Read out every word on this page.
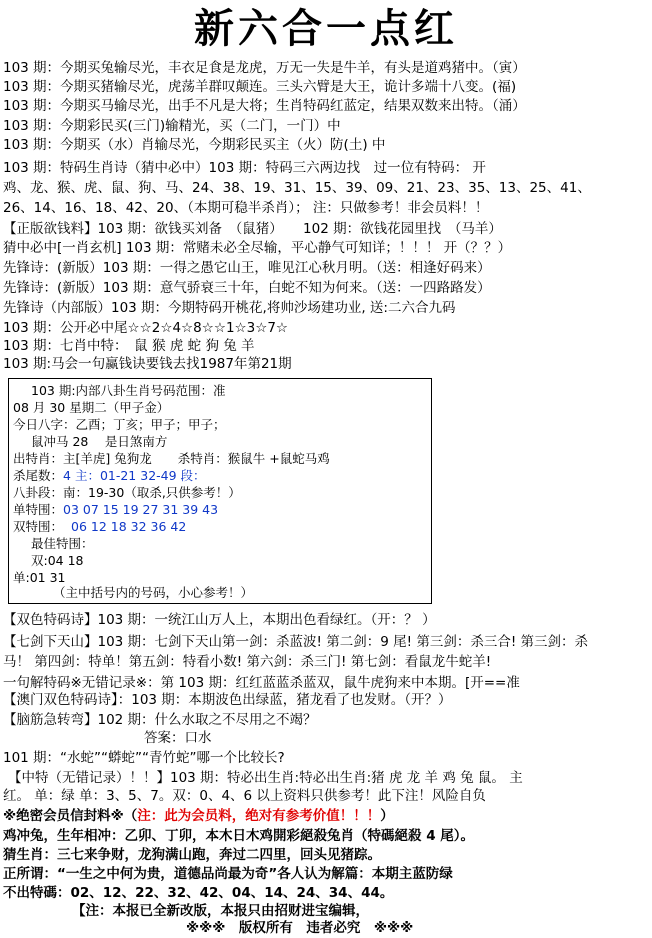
新六合一点红
103 期：今期买兔输尽光，丰衣足食是龙虎，万无一失是牛羊，有头是道鸡猪中。（寅）
103 期：今期买猪输尽光，虎荡羊群叹颠连。三头六臂是大王，诡计多端十八变。(福)
103 期：今期买马输尽光，出手不凡是大将；生肖特码红蓝定，结果双数来出特。（涌）
103 期：今期彩民买(三门)输精光，买（二门，一门）中
103 期：今期买（水）肖输尽光，今期彩民买主（火）防(土) 中
103 期：特码生肖诗（猜中必中）103 期：特码三六两边找　过一位有特码： 开
鸡、龙、猴、虎、鼠、狗、马、24、38、19、31、15、39、09、21、23、35、13、25、41、
26、14、16、18、42、20、（本期可稳半杀肖）； 注：只做参考！非会员料！！
【正版欲钱料】103 期：欲钱买刘备　（鼠猪）　　102 期：欲钱花园里找　（马羊）
猜中必中[一肖玄机] 103 期：常赌未必全尽输，平心静气可知详；！！！ 开（？？）
先锋诗：(新版）103 期：一得之愚它山王，唯见江心秋月明。（送：相逢好码来）
先锋诗：(新版）103 期：意气骄衰三十年，白蛇不知为何来。（送：一四路路发）
先锋诗（内部版）103 期：今期特码开桃花,将帅沙场建功业, 送:二六合九码
103 期：公开必中尾☆☆2☆4☆8☆☆1☆3☆7☆
103 期：七肖中特：　鼠 猴 虎 蛇 狗 兔 羊
103 期:马会一句赢钱诀要钱去找1987年第21期
103 期:内部八卦生肖号码范围：准
08 月 30 星期二（甲子金）
今日八字：乙酉；丁亥；甲子；甲子；
鼠冲马 28　 是日煞南方
出特肖：主[羊虎] 兔狗龙 杀特肖：猴鼠牛 +鼠蛇马鸡
杀尾数：4 主：01-21 32-49 段：
八卦段：南：19-30（取杀,只供参考！）
单特围：03 07 15 19 27 31 39 43
双特围： 06 12 18 32 36 42
最佳特围：
双:04 18
单:01 31
（主中括号内的号码，小心参考！）
【双色特码诗】103 期：一统江山万人上，本期出色看绿红。（开：？ ）
【七剑下天山】103 期：七剑下天山第一剑：杀蓝波! 第二剑：9 尾! 第三剑：杀三合! 第三剑：杀
马！ 第四剑：特单！第五剑：特看小数! 第六剑：杀三门! 第七剑：看鼠龙牛蛇羊!
一句解特码※无错记录※：第 103 期：红红蓝蓝杀蓝双，鼠牛虎狗来中本期。[开==准
【澳门双色特码诗】：103 期：本期波色出绿蓝，猪龙看了也发财。（开？）
【脑筋急转弯】102 期：什么水取之不尽用之不竭？
答案：口水
101 期：“水蛇”“蟒蛇”“青竹蛇”哪一个比较长?
【中特（无错记录）！！】103 期：特必出生肖:特必出生肖:猪 虎 龙 羊 鸡 兔 鼠。 主
红。 单：绿 单：3、5、7。双：0、4、6 以上资料只供参考！此下注！风险自负
※绝密会员信封料※（注：此为会员料，绝对有参考价值！！！）
鸡冲兔，生年相冲：乙卯、丁卯，本木日木鸡開彩絕殺兔肖（特碼絕殺 4 尾）。
猜生肖：三七来争财，龙狗满山跑，奔过二四里，回头见猪踪。
正所谓：“一生之中何为贵，道德品尚最为奇”各人认为解篇：本期主蓝防绿
不出特碼：02、12、22、32、42、04、14、24、34、44。
【注：本报已全新改版，本报只由招财进宝编辑，
※※※　版权所有　违者必究　※※※
